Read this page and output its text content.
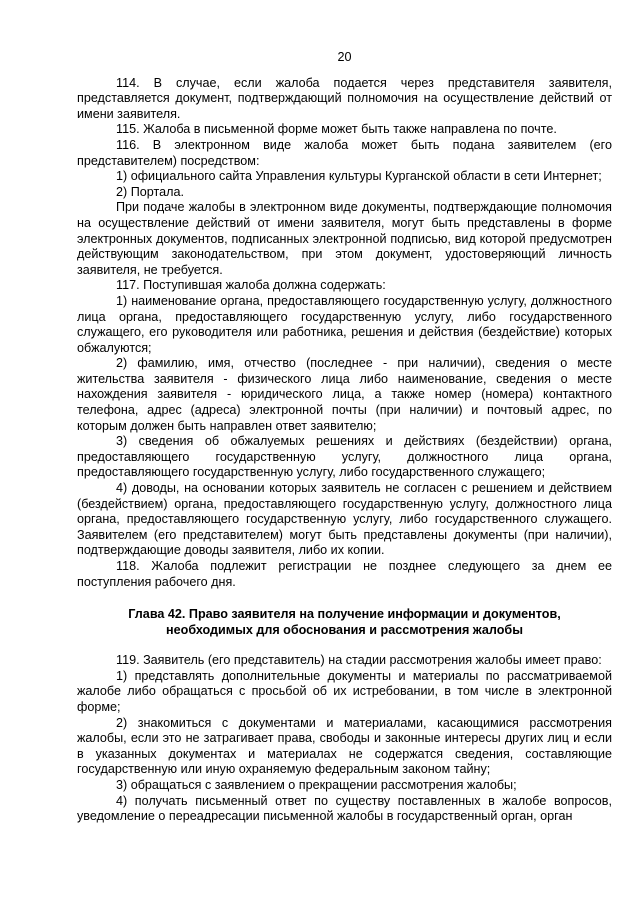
20

114. В случае, если жалоба подается через представителя заявителя, представляется документ, подтверждающий полномочия на осуществление действий от имени заявителя.

115. Жалоба в письменной форме может быть также направлена по почте.

116. В электронном виде жалоба может быть подана заявителем (его представителем) посредством:

1) официального сайта Управления культуры Курганской области в сети Интернет;

2) Портала.

При подаче жалобы в электронном виде документы, подтверждающие полномочия на осуществление действий от имени заявителя, могут быть представлены в форме электронных документов, подписанных электронной подписью, вид которой предусмотрен действующим законодательством, при этом документ, удостоверяющий личность заявителя, не требуется.

117. Поступившая жалоба должна содержать:

1) наименование органа, предоставляющего государственную услугу, должностного лица органа, предоставляющего государственную услугу, либо государственного служащего, его руководителя или работника, решения и действия (бездействие) которых обжалуются;

2) фамилию, имя, отчество (последнее - при наличии), сведения о месте жительства заявителя - физического лица либо наименование, сведения о месте нахождения заявителя - юридического лица, а также номер (номера) контактного телефона, адрес (адреса) электронной почты (при наличии) и почтовый адрес, по которым должен быть направлен ответ заявителю;

3) сведения об обжалуемых решениях и действиях (бездействии) органа, предоставляющего государственную услугу, должностного лица органа, предоставляющего государственную услугу, либо государственного служащего;

4) доводы, на основании которых заявитель не согласен с решением и действием (бездействием) органа, предоставляющего государственную услугу, должностного лица органа, предоставляющего государственную услугу, либо государственного служащего. Заявителем (его представителем) могут быть представлены документы (при наличии), подтверждающие доводы заявителя, либо их копии.

118. Жалоба подлежит регистрации не позднее следующего за днем ее поступления рабочего дня.

Глава 42. Право заявителя на получение информации и документов,
необходимых для обоснования и рассмотрения жалобы

119. Заявитель (его представитель) на стадии рассмотрения жалобы имеет право:

1) представлять дополнительные документы и материалы по рассматриваемой жалобе либо обращаться с просьбой об их истребовании, в том числе в электронной форме;

2) знакомиться с документами и материалами, касающимися рассмотрения жалобы, если это не затрагивает права, свободы и законные интересы других лиц и если в указанных документах и материалах не содержатся сведения, составляющие государственную или иную охраняемую федеральным законом тайну;

3) обращаться с заявлением о прекращении рассмотрения жалобы;

4) получать письменный ответ по существу поставленных в жалобе вопросов, уведомление о переадресации письменной жалобы в государственный орган, орган
